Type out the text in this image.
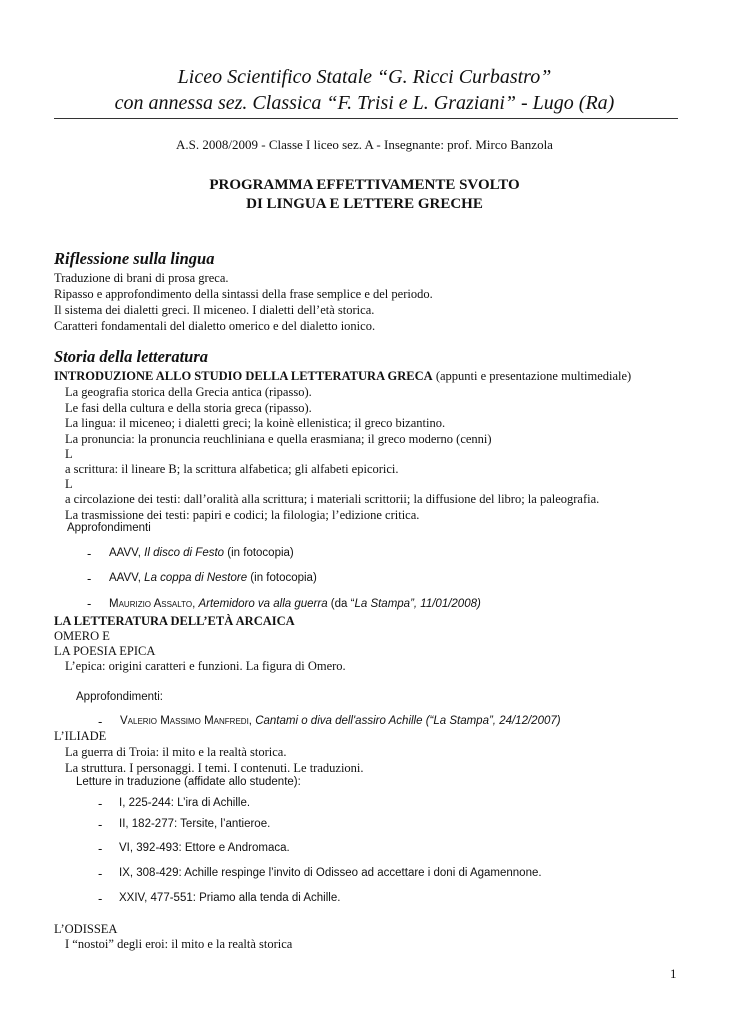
Liceo Scientifico Statale “G. Ricci Curbastro”
con annessa sez. Classica “F. Trisi e L. Graziani” - Lugo (Ra)
A.S. 2008/2009 - Classe I liceo sez. A - Insegnante: prof. Mirco Banzola
PROGRAMMA EFFETTIVAMENTE SVOLTO
DI LINGUA E LETTERE GRECHE
Riflessione sulla lingua
Traduzione di brani di prosa greca.
Ripasso e approfondimento della sintassi della frase semplice e del periodo.
Il sistema dei dialetti greci. Il miceneo. I dialetti dell’età storica.
Caratteri fondamentali del dialetto omerico e del dialetto ionico.
Storia della letteratura
INTRODUZIONE ALLO STUDIO DELLA LETTERATURA GRECA (appunti e presentazione multimediale)
La geografia storica della Grecia antica (ripasso).
Le fasi della cultura e della storia greca (ripasso).
La lingua: il miceneo; i dialetti greci; la koinè ellenistica; il greco bizantino.
La pronuncia: la pronuncia reuchliniana e quella erasmiana; il greco moderno (cenni)
L
a scrittura: il lineare B; la scrittura alfabetica; gli alfabeti epicorici.
L
a circolazione dei testi: dall’oralità alla scrittura; i materiali scrittorii; la diffusione del libro; la paleografia.
La trasmissione dei testi: papiri e codici; la filologia; l’edizione critica.
Approfondimenti
- AAVV, Il disco di Festo (in fotocopia)
- AAVV, La coppa di Nestore (in fotocopia)
- Maurizio Assalto, Artemidoro va alla guerra (da “La Stampa”, 11/01/2008)
LA LETTERATURA DELL’ETÀ ARCAICA
OMERO E
LA POESIA EPICA
L’epica: origini caratteri e funzioni. La figura di Omero.
Approfondimenti:
- Valerio Massimo Manfredi, Cantami o diva dell'assiro Achille (“La Stampa”, 24/12/2007)
L’ILIADE
La guerra di Troia: il mito e la realtà storica.
La struttura. I personaggi. I temi. I contenuti. Le traduzioni.
Letture in traduzione (affidate allo studente):
- I, 225-244: L’ira di Achille.
- II, 182-277: Tersite, l’antieroe.
- VI, 392-493: Ettore e Andromaca.
- IX, 308-429: Achille respinge l’invito di Odisseo ad accettare i doni di Agamennone.
- XXIV, 477-551: Priamo alla tenda di Achille.
L’ODISSEA
I “nostoi” degli eroi: il mito e la realtà storica
1
